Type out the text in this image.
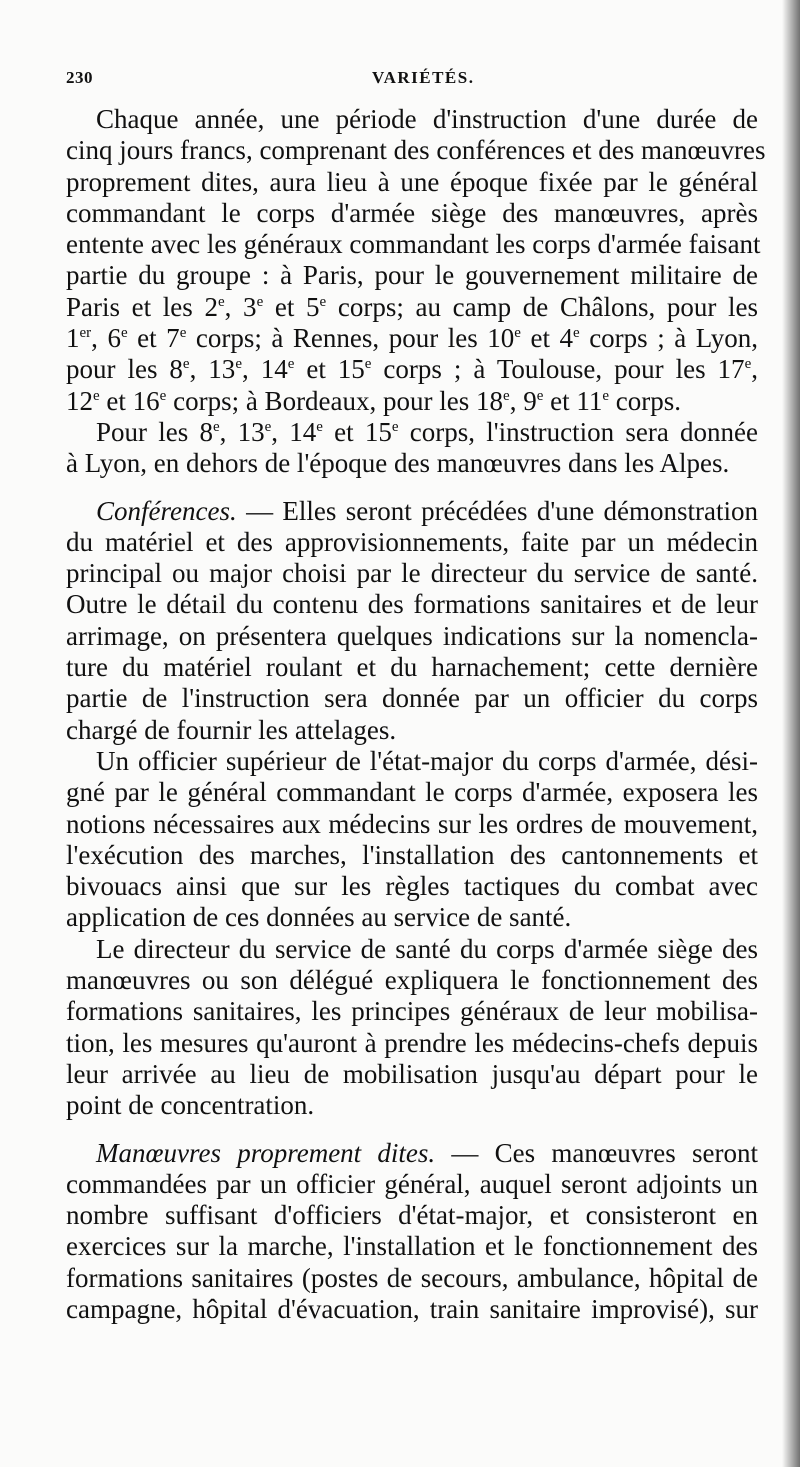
230	VARIÉTÉS.
Chaque année, une période d'instruction d'une durée de
cinq jours francs, comprenant des conférences et des manœuvres
proprement dites, aura lieu à une époque fixée par le général
commandant le corps d'armée siège des manœuvres, après
entente avec les généraux commandant les corps d'armée faisant
partie du groupe : à Paris, pour le gouvernement militaire de
Paris et les 2e, 3e et 5e corps; au camp de Châlons, pour les
1er, 6e et 7e corps; à Rennes, pour les 10e et 4e corps ; à Lyon,
pour les 8e, 13e, 14e et 15e corps ; à Toulouse, pour les 17e,
12e et 16e corps; à Bordeaux, pour les 18e, 9e et 11e corps.
Pour les 8e, 13e, 14e et 15e corps, l'instruction sera donnée
à Lyon, en dehors de l'époque des manœuvres dans les Alpes.
Conférences. — Elles seront précédées d'une démonstration
du matériel et des approvisionnements, faite par un médecin
principal ou major choisi par le directeur du service de santé.
Outre le détail du contenu des formations sanitaires et de leur
arrimage, on présentera quelques indications sur la nomencla-
ture du matériel roulant et du harnachement; cette dernière
partie de l'instruction sera donnée par un officier du corps
chargé de fournir les attelages.
Un officier supérieur de l'état-major du corps d'armée, dési-
gné par le général commandant le corps d'armée, exposera les
notions nécessaires aux médecins sur les ordres de mouvement,
l'exécution des marches, l'installation des cantonnements et
bivouacs ainsi que sur les règles tactiques du combat avec
application de ces données au service de santé.
Le directeur du service de santé du corps d'armée siège des
manœuvres ou son délégué expliquera le fonctionnement des
formations sanitaires, les principes généraux de leur mobilisa-
tion, les mesures qu'auront à prendre les médecins-chefs depuis
leur arrivée au lieu de mobilisation jusqu'au départ pour le
point de concentration.
Manœuvres proprement dites. — Ces manœuvres seront
commandées par un officier général, auquel seront adjoints un
nombre suffisant d'officiers d'état-major, et consisteront en
exercices sur la marche, l'installation et le fonctionnement des
formations sanitaires (postes de secours, ambulance, hôpital de
campagne, hôpital d'évacuation, train sanitaire improvisé), sur
